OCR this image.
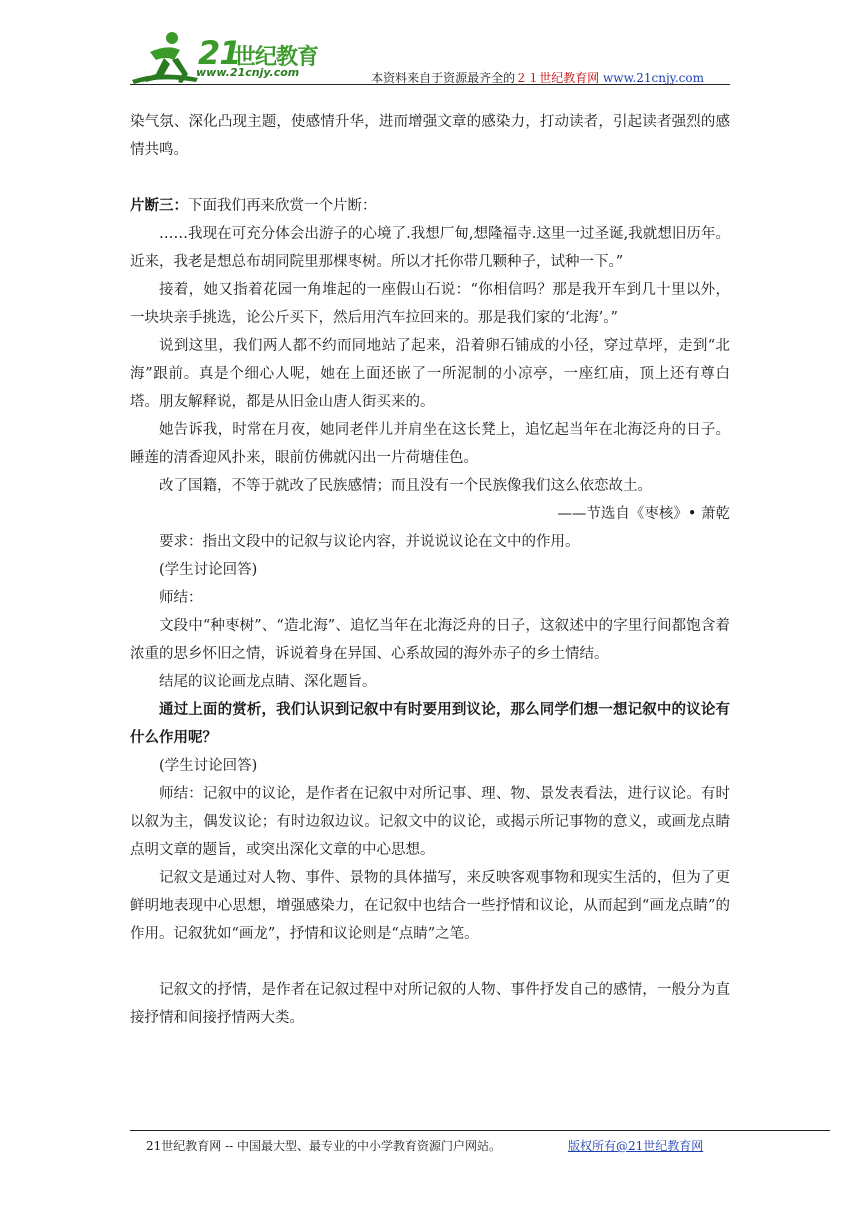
21
世纪教育
www.21cnjy.com	本资料来自于资源最齐全的２１世纪教育网 www.21cnjy.com

染气氛、深化凸现主题，使感情升华，进而增强文章的感染力，打动读者，引起读者强烈的感情共鸣。

片断三：下面我们再来欣赏一个片断：

……我现在可充分体会出游子的心境了.我想厂甸,想隆福寺.这里一过圣诞,我就想旧历年。近来，我老是想总布胡同院里那棵枣树。所以才托你带几颗种子，试种一下。”

接着，她又指着花园一角堆起的一座假山石说：“你相信吗？那是我开车到几十里以外，一块块亲手挑选，论公斤买下，然后用汽车拉回来的。那是我们家的‘北海’。”

说到这里，我们两人都不约而同地站了起来，沿着卵石铺成的小径，穿过草坪，走到“北海”跟前。真是个细心人呢，她在上面还嵌了一所泥制的小凉亭，一座红庙，顶上还有尊白塔。朋友解释说，都是从旧金山唐人街买来的。

她告诉我，时常在月夜，她同老伴儿并肩坐在这长凳上，追忆起当年在北海泛舟的日子。睡莲的清香迎风扑来，眼前仿佛就闪出一片荷塘佳色。

改了国籍，不等于就改了民族感情；而且没有一个民族像我们这么依恋故土。

——节选自《枣核》• 萧乾

要求：指出文段中的记叙与议论内容，并说说议论在文中的作用。

(学生讨论回答)

师结：

文段中“种枣树”、“造北海”、追忆当年在北海泛舟的日子，这叙述中的字里行间都饱含着浓重的思乡怀旧之情，诉说着身在异国、心系故园的海外赤子的乡土情结。

结尾的议论画龙点睛、深化题旨。

通过上面的赏析，我们认识到记叙中有时要用到议论，那么同学们想一想记叙中的议论有什么作用呢？

(学生讨论回答)

师结：记叙中的议论，是作者在记叙中对所记事、理、物、景发表看法，进行议论。有时以叙为主，偶发议论；有时边叙边议。记叙文中的议论，或揭示所记事物的意义，或画龙点睛点明文章的题旨，或突出深化文章的中心思想。

记叙文是通过对人物、事件、景物的具体描写，来反映客观事物和现实生活的，但为了更鲜明地表现中心思想，增强感染力，在记叙中也结合一些抒情和议论，从而起到“画龙点睛”的作用。记叙犹如“画龙”，抒情和议论则是“点睛”之笔。

记叙文的抒情，是作者在记叙过程中对所记叙的人物、事件抒发自己的感情，一般分为直接抒情和间接抒情两大类。

21世纪教育网 -- 中国最大型、最专业的中小学教育资源门户网站。	版权所有@21世纪教育网
